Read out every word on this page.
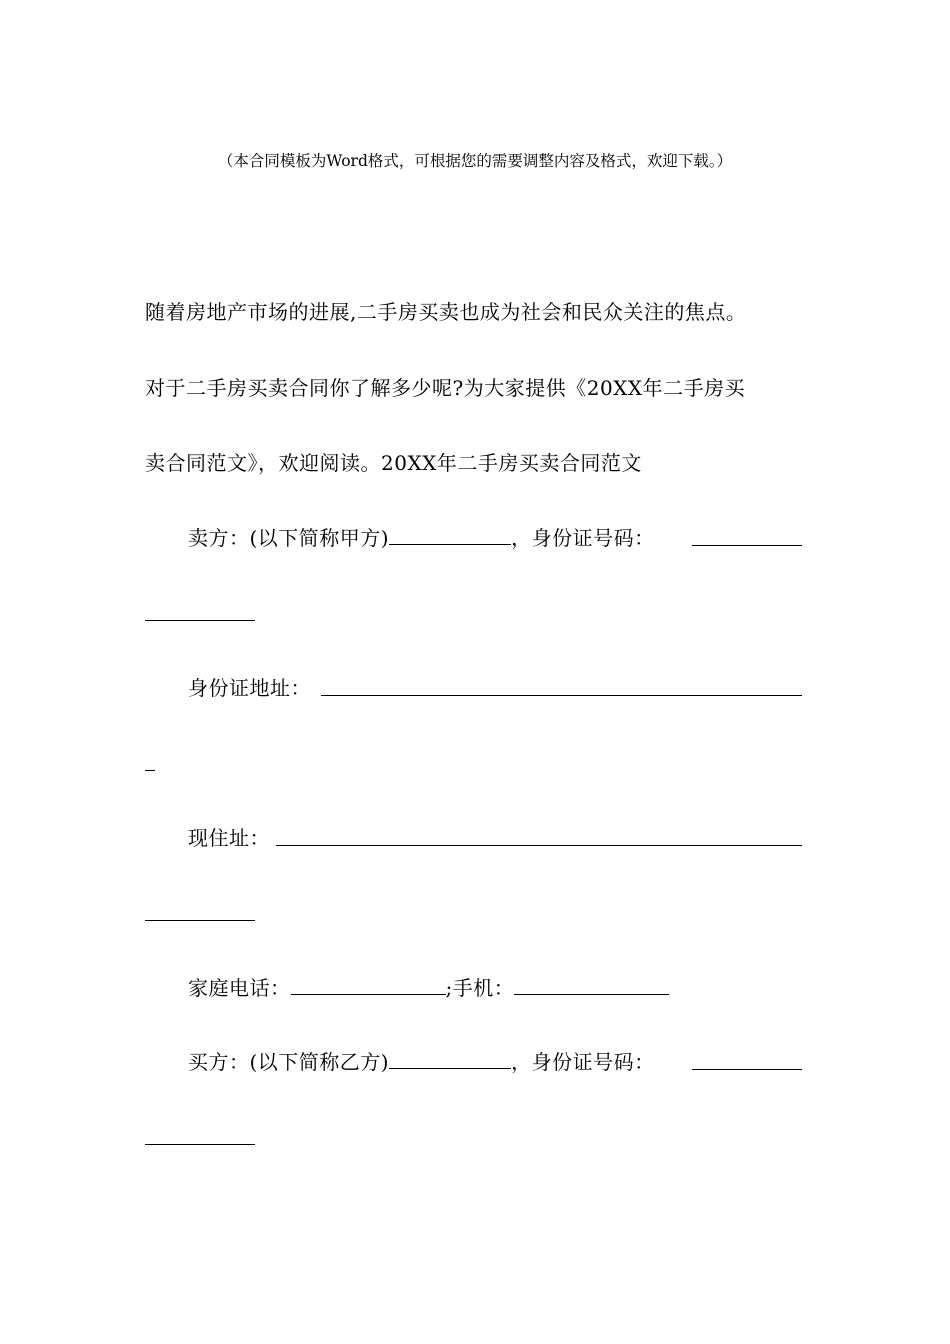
（本合同模板为Word格式，可根据您的需要调整内容及格式，欢迎下载。）
随着房地产市场的进展,二手房买卖也成为社会和民众关注的焦点。
对于二手房买卖合同你了解多少呢?为大家提供《20XX年二手房买
卖合同范文》，欢迎阅读。20XX年二手房买卖合同范文
卖方：(以下简称甲方)	，身份证号码：
身份证地址：
现住址：
家庭电话：	;手机：
买方：(以下简称乙方)	，身份证号码：
